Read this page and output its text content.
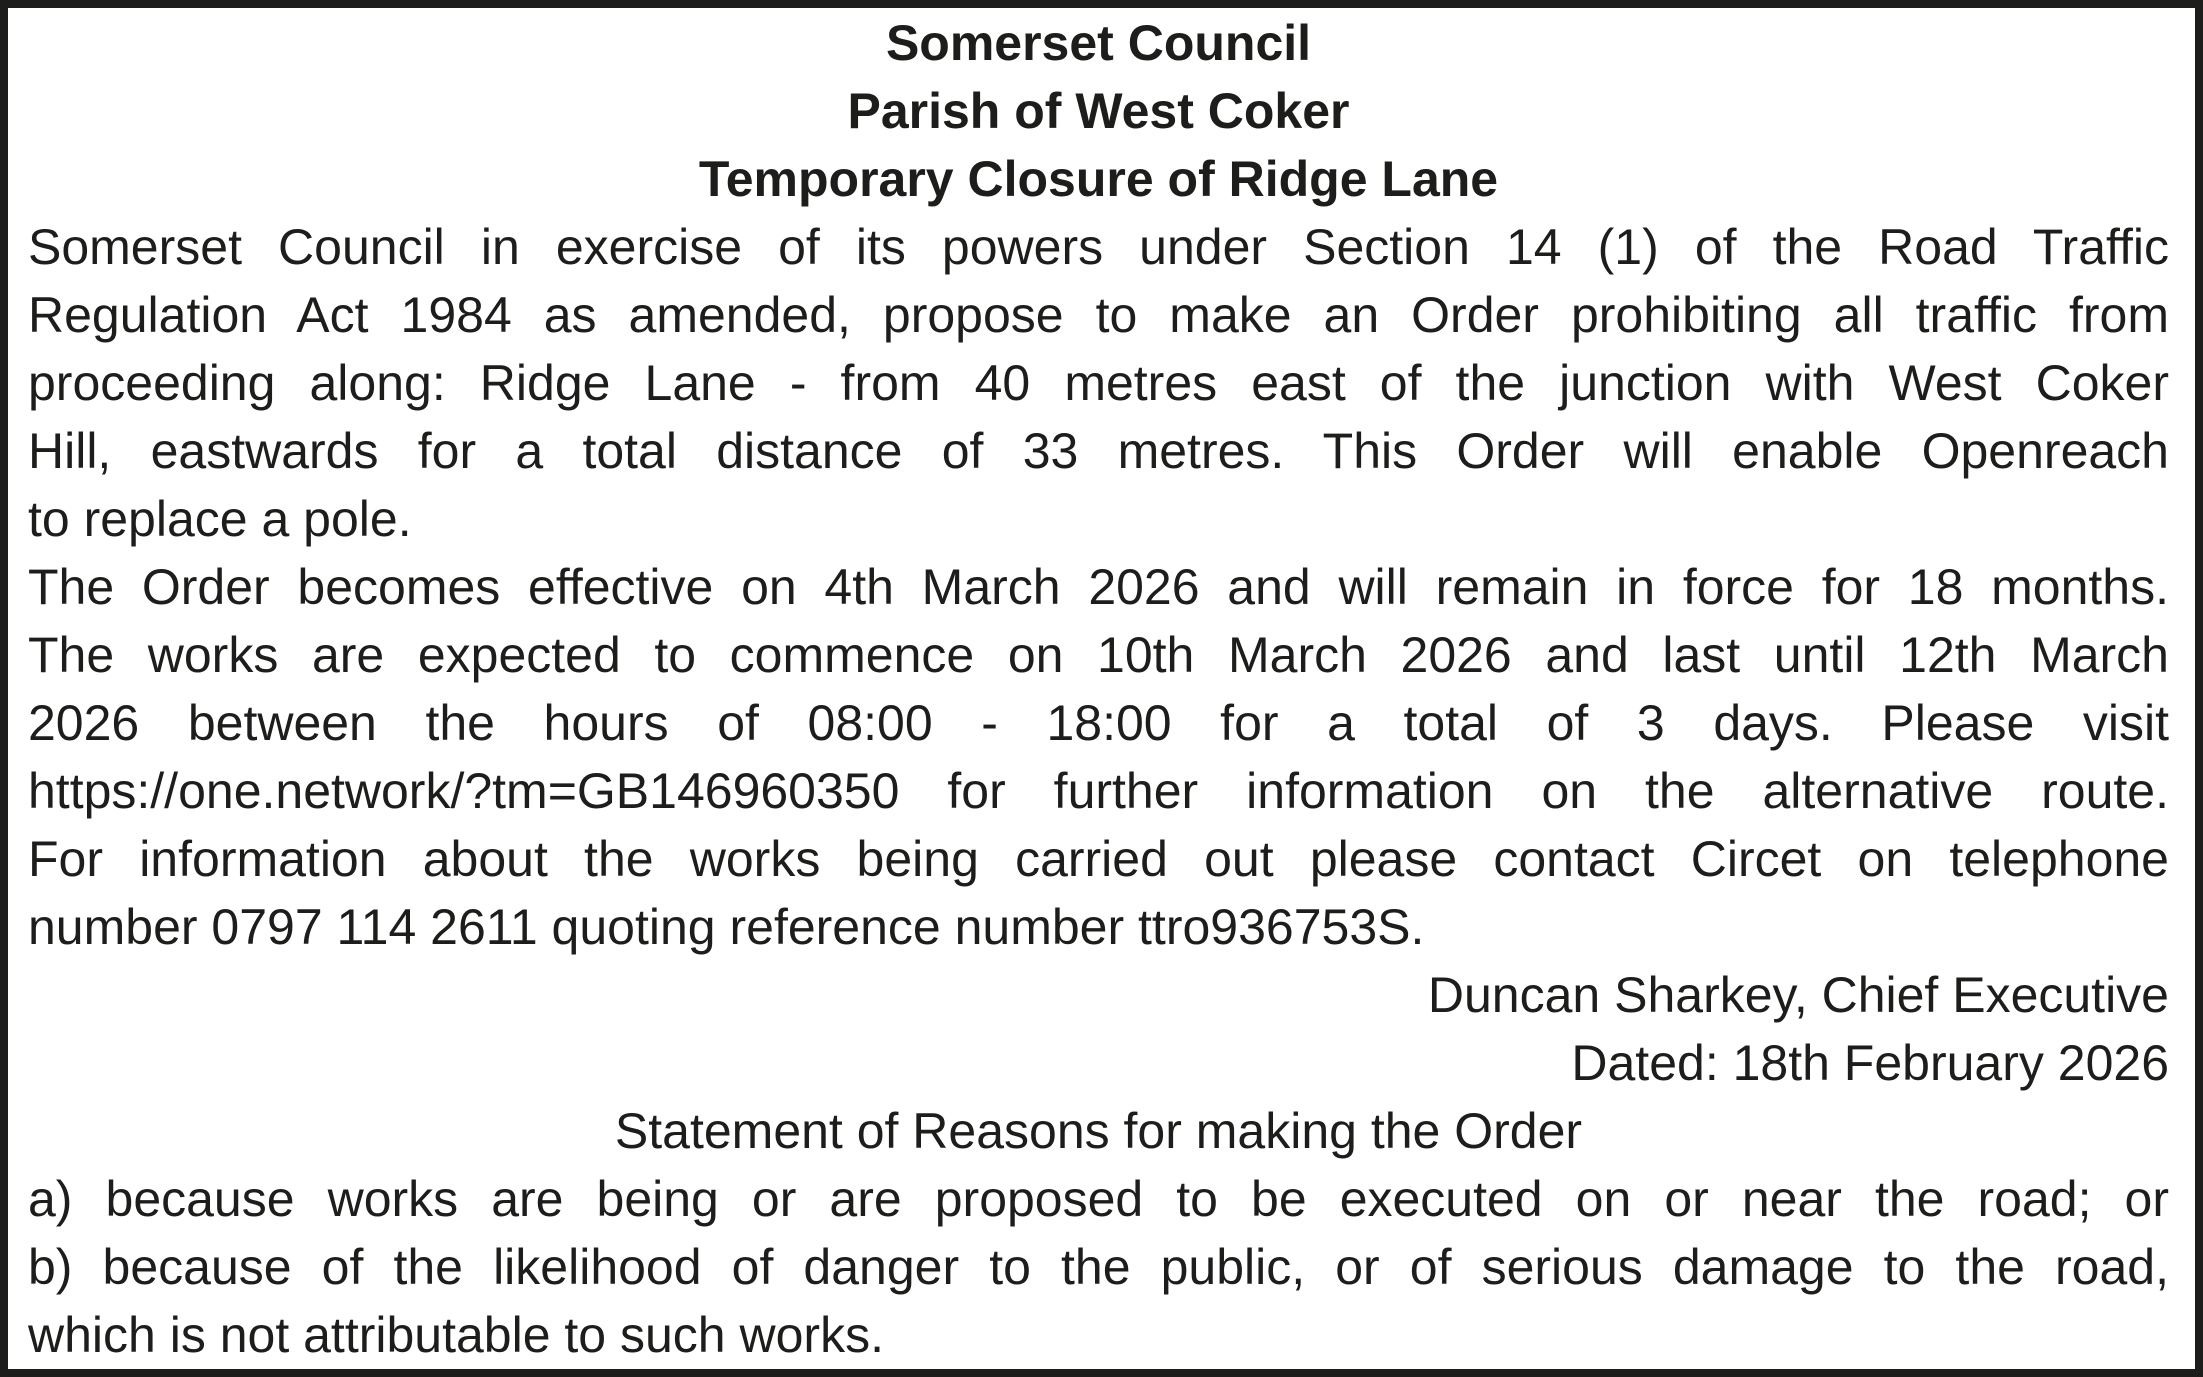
Somerset Council
Parish of West Coker
Temporary Closure of Ridge Lane
Somerset Council in exercise of its powers under Section 14 (1) of the Road Traffic
Regulation Act 1984 as amended, propose to make an Order prohibiting all traffic from
proceeding along: Ridge Lane - from 40 metres east of the junction with West Coker
Hill, eastwards for a total distance of 33 metres. This Order will enable Openreach
to replace a pole.
The Order becomes effective on 4th March 2026 and will remain in force for 18 months.
The works are expected to commence on 10th March 2026 and last until 12th March
2026 between the hours of 08:00 - 18:00 for a total of 3 days. Please visit
https://one.network/?tm=GB146960350 for further information on the alternative route.
For information about the works being carried out please contact Circet on telephone
number 0797 114 2611 quoting reference number ttro936753S.
Duncan Sharkey, Chief Executive
Dated: 18th February 2026
Statement of Reasons for making the Order
a) because works are being or are proposed to be executed on or near the road; or
b) because of the likelihood of danger to the public, or of serious damage to the road,
which is not attributable to such works.
